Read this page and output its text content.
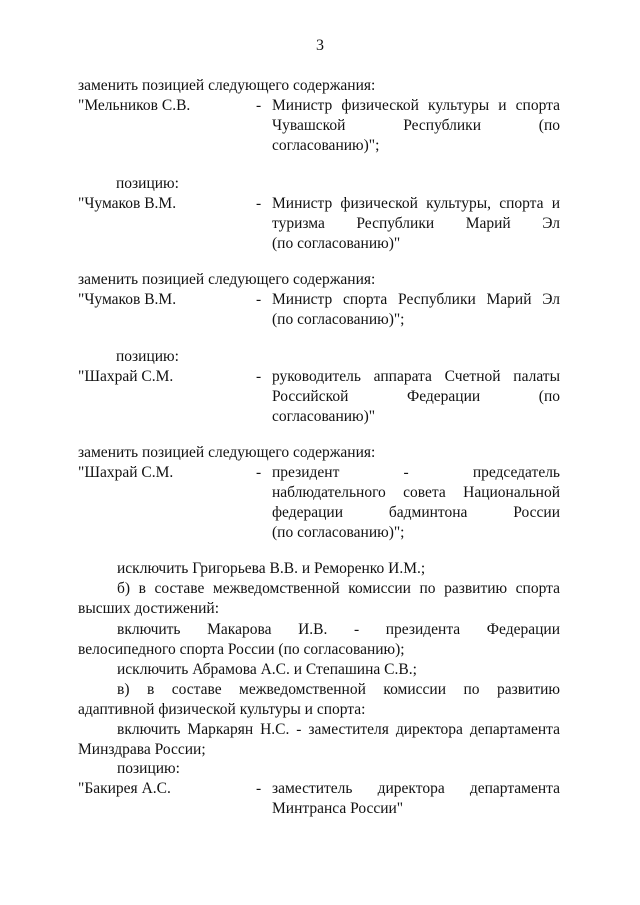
3
заменить позицией следующего содержания:
"Мельников С.В.	- Министр физической культуры и спорта
Чувашской Республики (по
согласованию)";
позицию:
"Чумаков В.М.	- Министр физической культуры, спорта и
туризма Республики Марий Эл
(по согласованию)"
заменить позицией следующего содержания:
"Чумаков В.М.	- Министр спорта Республики Марий Эл
(по согласованию)";
позицию:
"Шахрай С.М.	- руководитель аппарата Счетной палаты
Российской Федерации (по
согласованию)"
заменить позицией следующего содержания:
"Шахрай С.М.	- президент - председатель
наблюдательного совета Национальной
федерации бадминтона России
(по согласованию)";
исключить Григорьева В.В. и Реморенко И.М.;
б) в составе межведомственной комиссии по развитию спорта
высших достижений:
включить Макарова И.В. - президента Федерации
велосипедного спорта России (по согласованию);
исключить Абрамова А.С. и Степашина С.В.;
в) в составе межведомственной комиссии по развитию
адаптивной физической культуры и спорта:
включить Маркарян Н.С. - заместителя директора департамента
Минздрава России;
позицию:
"Бакирея А.С.	- заместитель директора департамента
Минтранса России"
